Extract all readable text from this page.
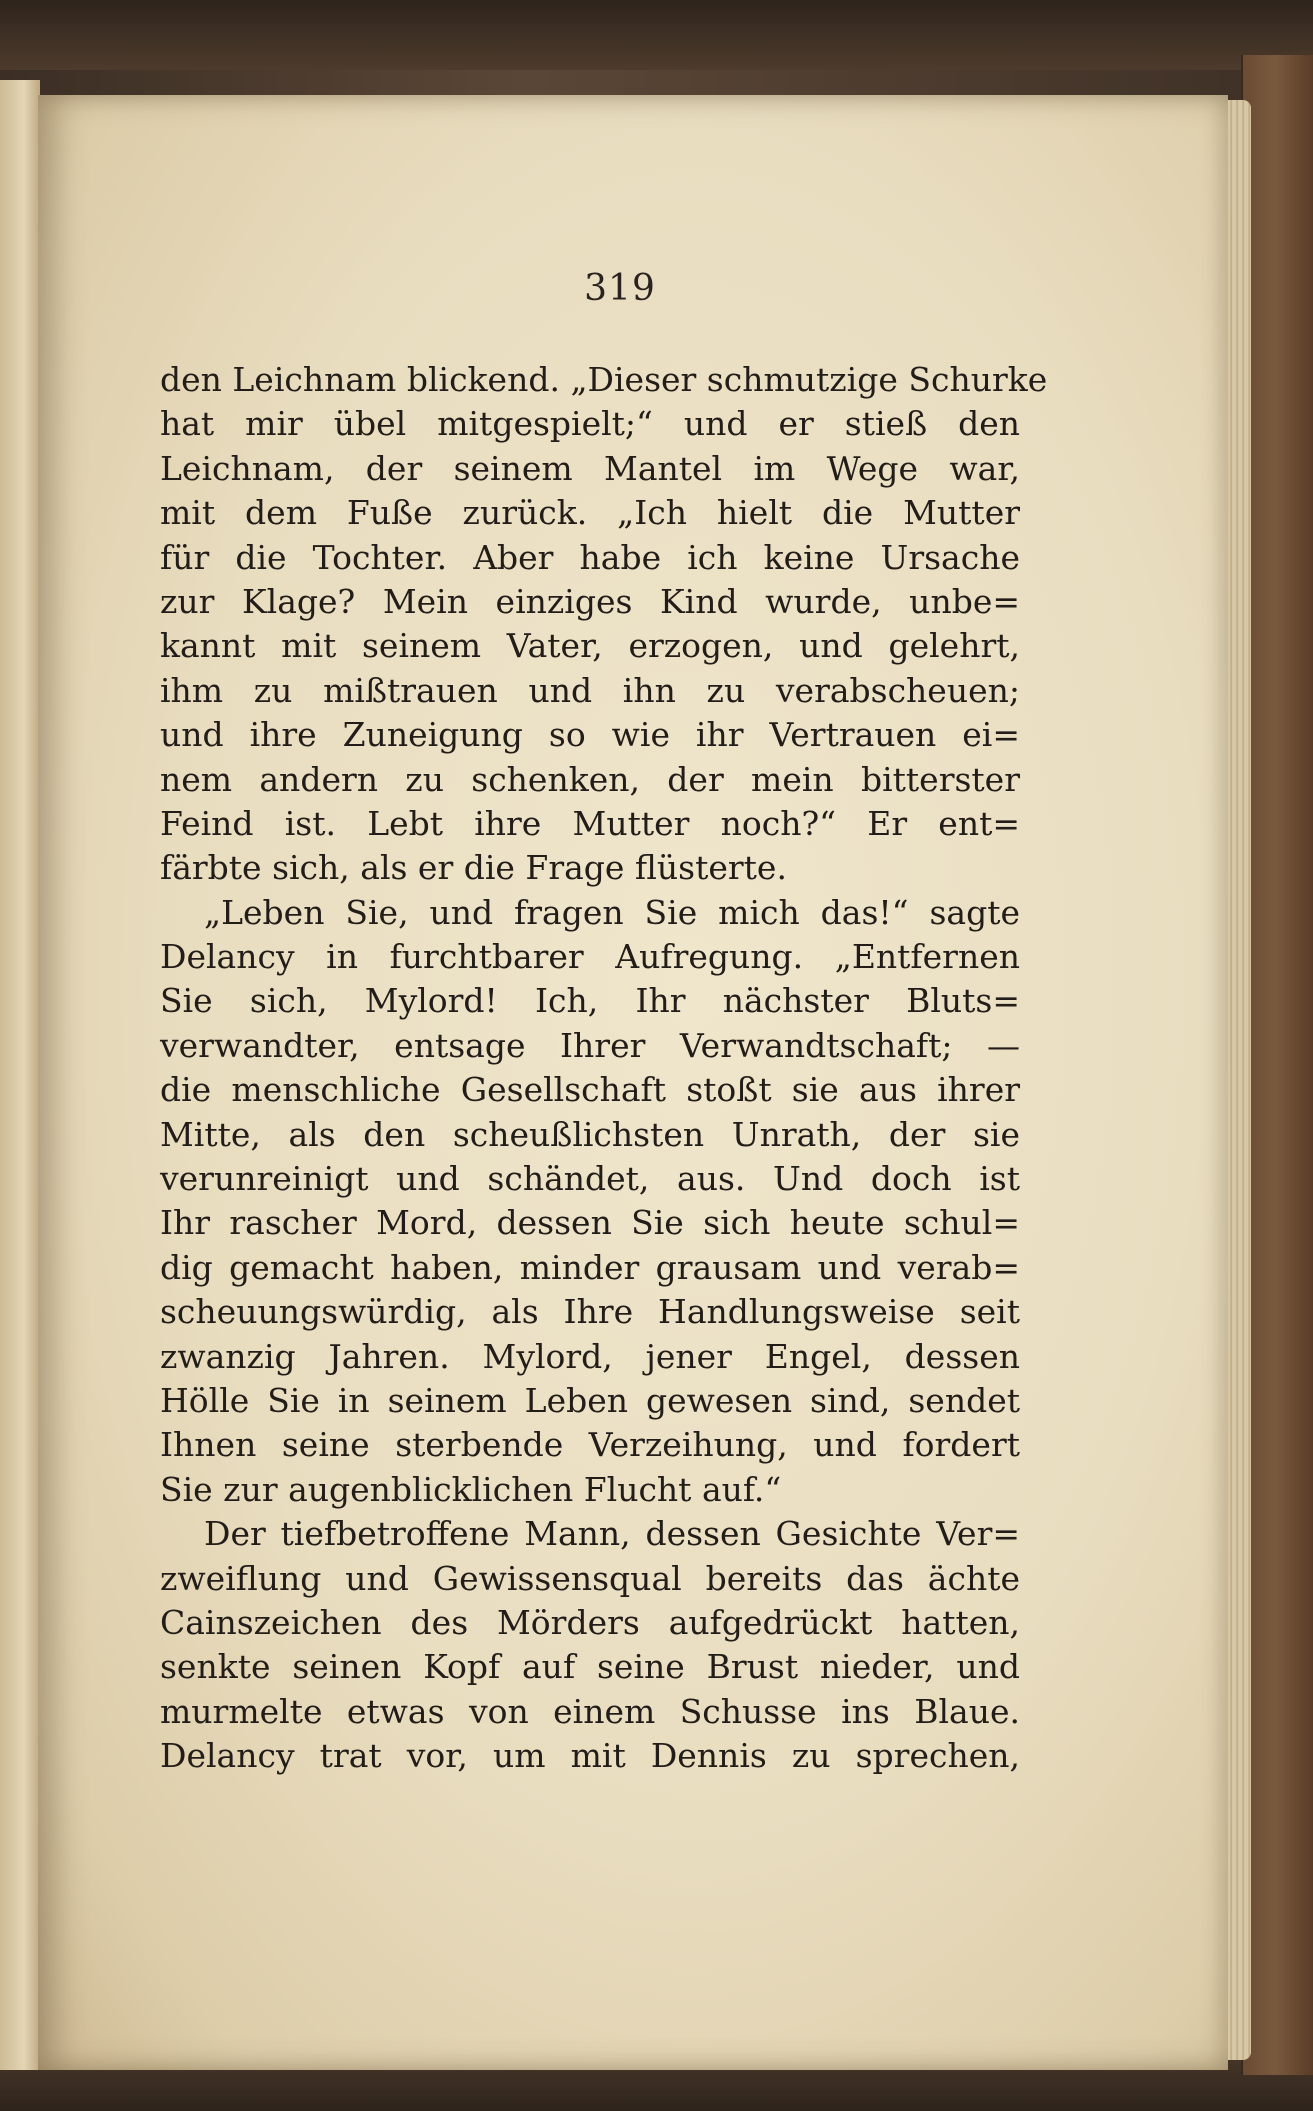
319
den Leichnam blickend. „Dieser schmutzige Schurke
hat mir übel mitgespielt;“ und er stieß den
Leichnam, der seinem Mantel im Wege war,
mit dem Fuße zurück. „Ich hielt die Mutter
für die Tochter. Aber habe ich keine Ursache
zur Klage? Mein einziges Kind wurde, unbe=
kannt mit seinem Vater, erzogen, und gelehrt,
ihm zu mißtrauen und ihn zu verabscheuen;
und ihre Zuneigung so wie ihr Vertrauen ei=
nem andern zu schenken, der mein bitterster
Feind ist. Lebt ihre Mutter noch?“ Er ent=
färbte sich, als er die Frage flüsterte.
„Leben Sie, und fragen Sie mich das!“ sagte
Delancy in furchtbarer Aufregung. „Entfernen
Sie sich, Mylord! Ich, Ihr nächster Bluts=
verwandter, entsage Ihrer Verwandtschaft; —
die menschliche Gesellschaft stoßt sie aus ihrer
Mitte, als den scheußlichsten Unrath, der sie
verunreinigt und schändet, aus. Und doch ist
Ihr rascher Mord, dessen Sie sich heute schul=
dig gemacht haben, minder grausam und verab=
scheuungswürdig, als Ihre Handlungsweise seit
zwanzig Jahren. Mylord, jener Engel, dessen
Hölle Sie in seinem Leben gewesen sind, sendet
Ihnen seine sterbende Verzeihung, und fordert
Sie zur augenblicklichen Flucht auf.“
Der tiefbetroffene Mann, dessen Gesichte Ver=
zweiflung und Gewissensqual bereits das ächte
Cainszeichen des Mörders aufgedrückt hatten,
senkte seinen Kopf auf seine Brust nieder, und
murmelte etwas von einem Schusse ins Blaue.
Delancy trat vor, um mit Dennis zu sprechen,
